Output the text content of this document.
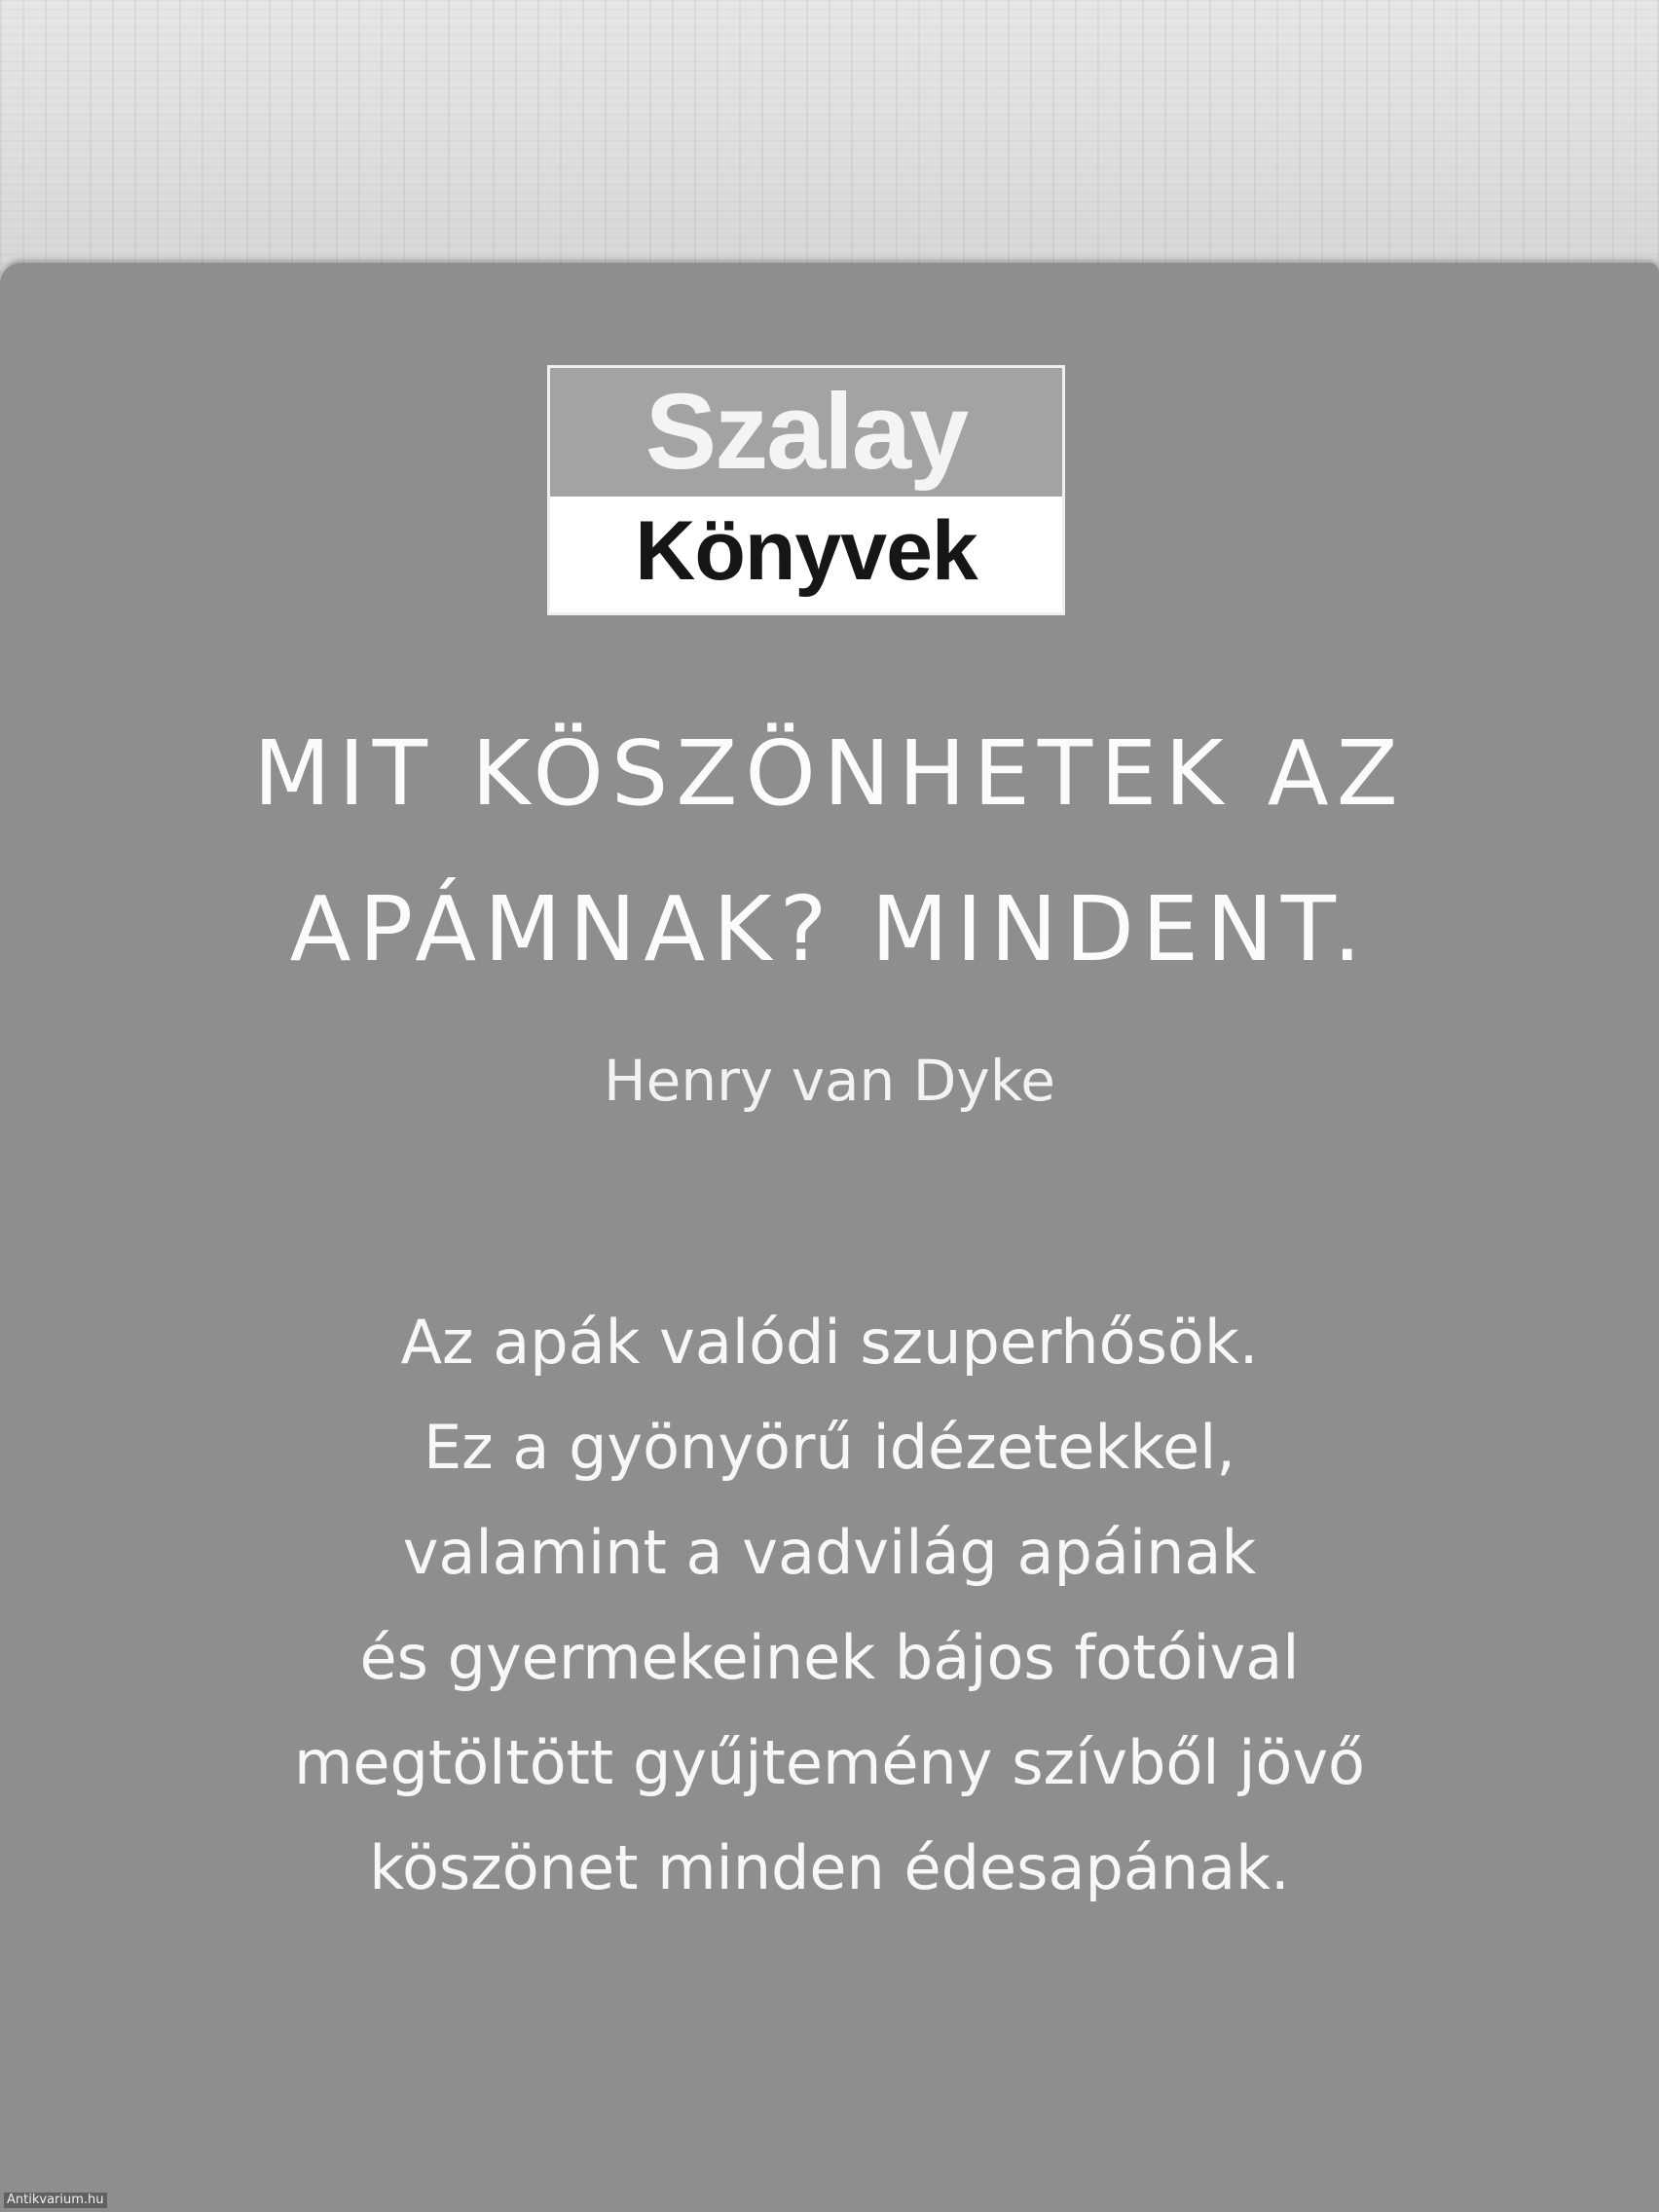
Szalay
Könyvek
MIT KÖSZÖNHETEK AZ
APÁMNAK? MINDENT.
Henry van Dyke
Az apák valódi szuperhősök.
Ez a gyönyörű idézetekkel,
valamint a vadvilág apáinak
és gyermekeinek bájos fotóival
megtöltött gyűjtemény szívből jövő
köszönet minden édesapának.
Antikvarium.hu
